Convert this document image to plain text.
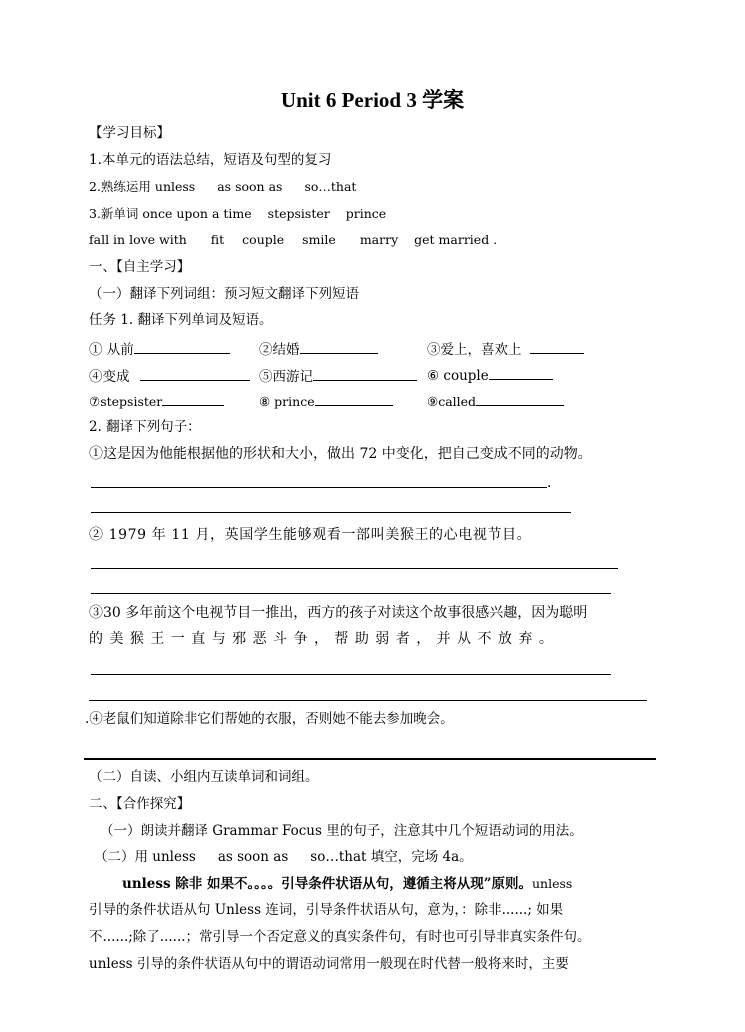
Unit 6 Period 3 学案
【学习目标】
1.本单元的语法总结，短语及句型的复习
2.熟练运用 unless as soon as so…that
3.新单词 once upon a time stepsister prince
fall in love with fit couple smile marry get married .
一、【自主学习】
（一）翻译下列词组：预习短文翻译下列短语
任务 1. 翻译下列单词及短语。
① 从前	②结婚	③爱上，喜欢上
④变成	⑤西游记	⑥ couple
⑦stepsister	⑧ prince	⑨called
2. 翻译下列句子：
①这是因为他能根据他的形状和大小，做出 72 中变化，把自己变成不同的动物。
.
② 1979 年 11 月，英国学生能够观看一部叫美猴王的心电视节目。
③30 多年前这个电视节目一推出，西方的孩子对读这个故事很感兴趣，因为聪明
的 美 猴 王 一 直 与 邪 恶 斗 争 ， 帮 助 弱 者 ， 并 从 不 放 弃 。
.④老鼠们知道除非它们帮她的衣服，否则她不能去参加晚会。
（二）自读、小组内互读单词和词组。
二、【合作探究】
（一）朗读并翻译 Grammar Focus 里的句子，注意其中几个短语动词的用法。
（二）用 unless as soon as so…that 填空，完场 4a。
unless 除非 如果不。。。。引导条件状语从句，遵循主将从现”原则。unless
引导的条件状语从句 Unless 连词，引导条件状语从句，意为，：除非......; 如果
不......;除了......；常引导一个否定意义的真实条件句，有时也可引导非真实条件句。
unless 引导的条件状语从句中的谓语动词常用一般现在时代替一般将来时，主要
